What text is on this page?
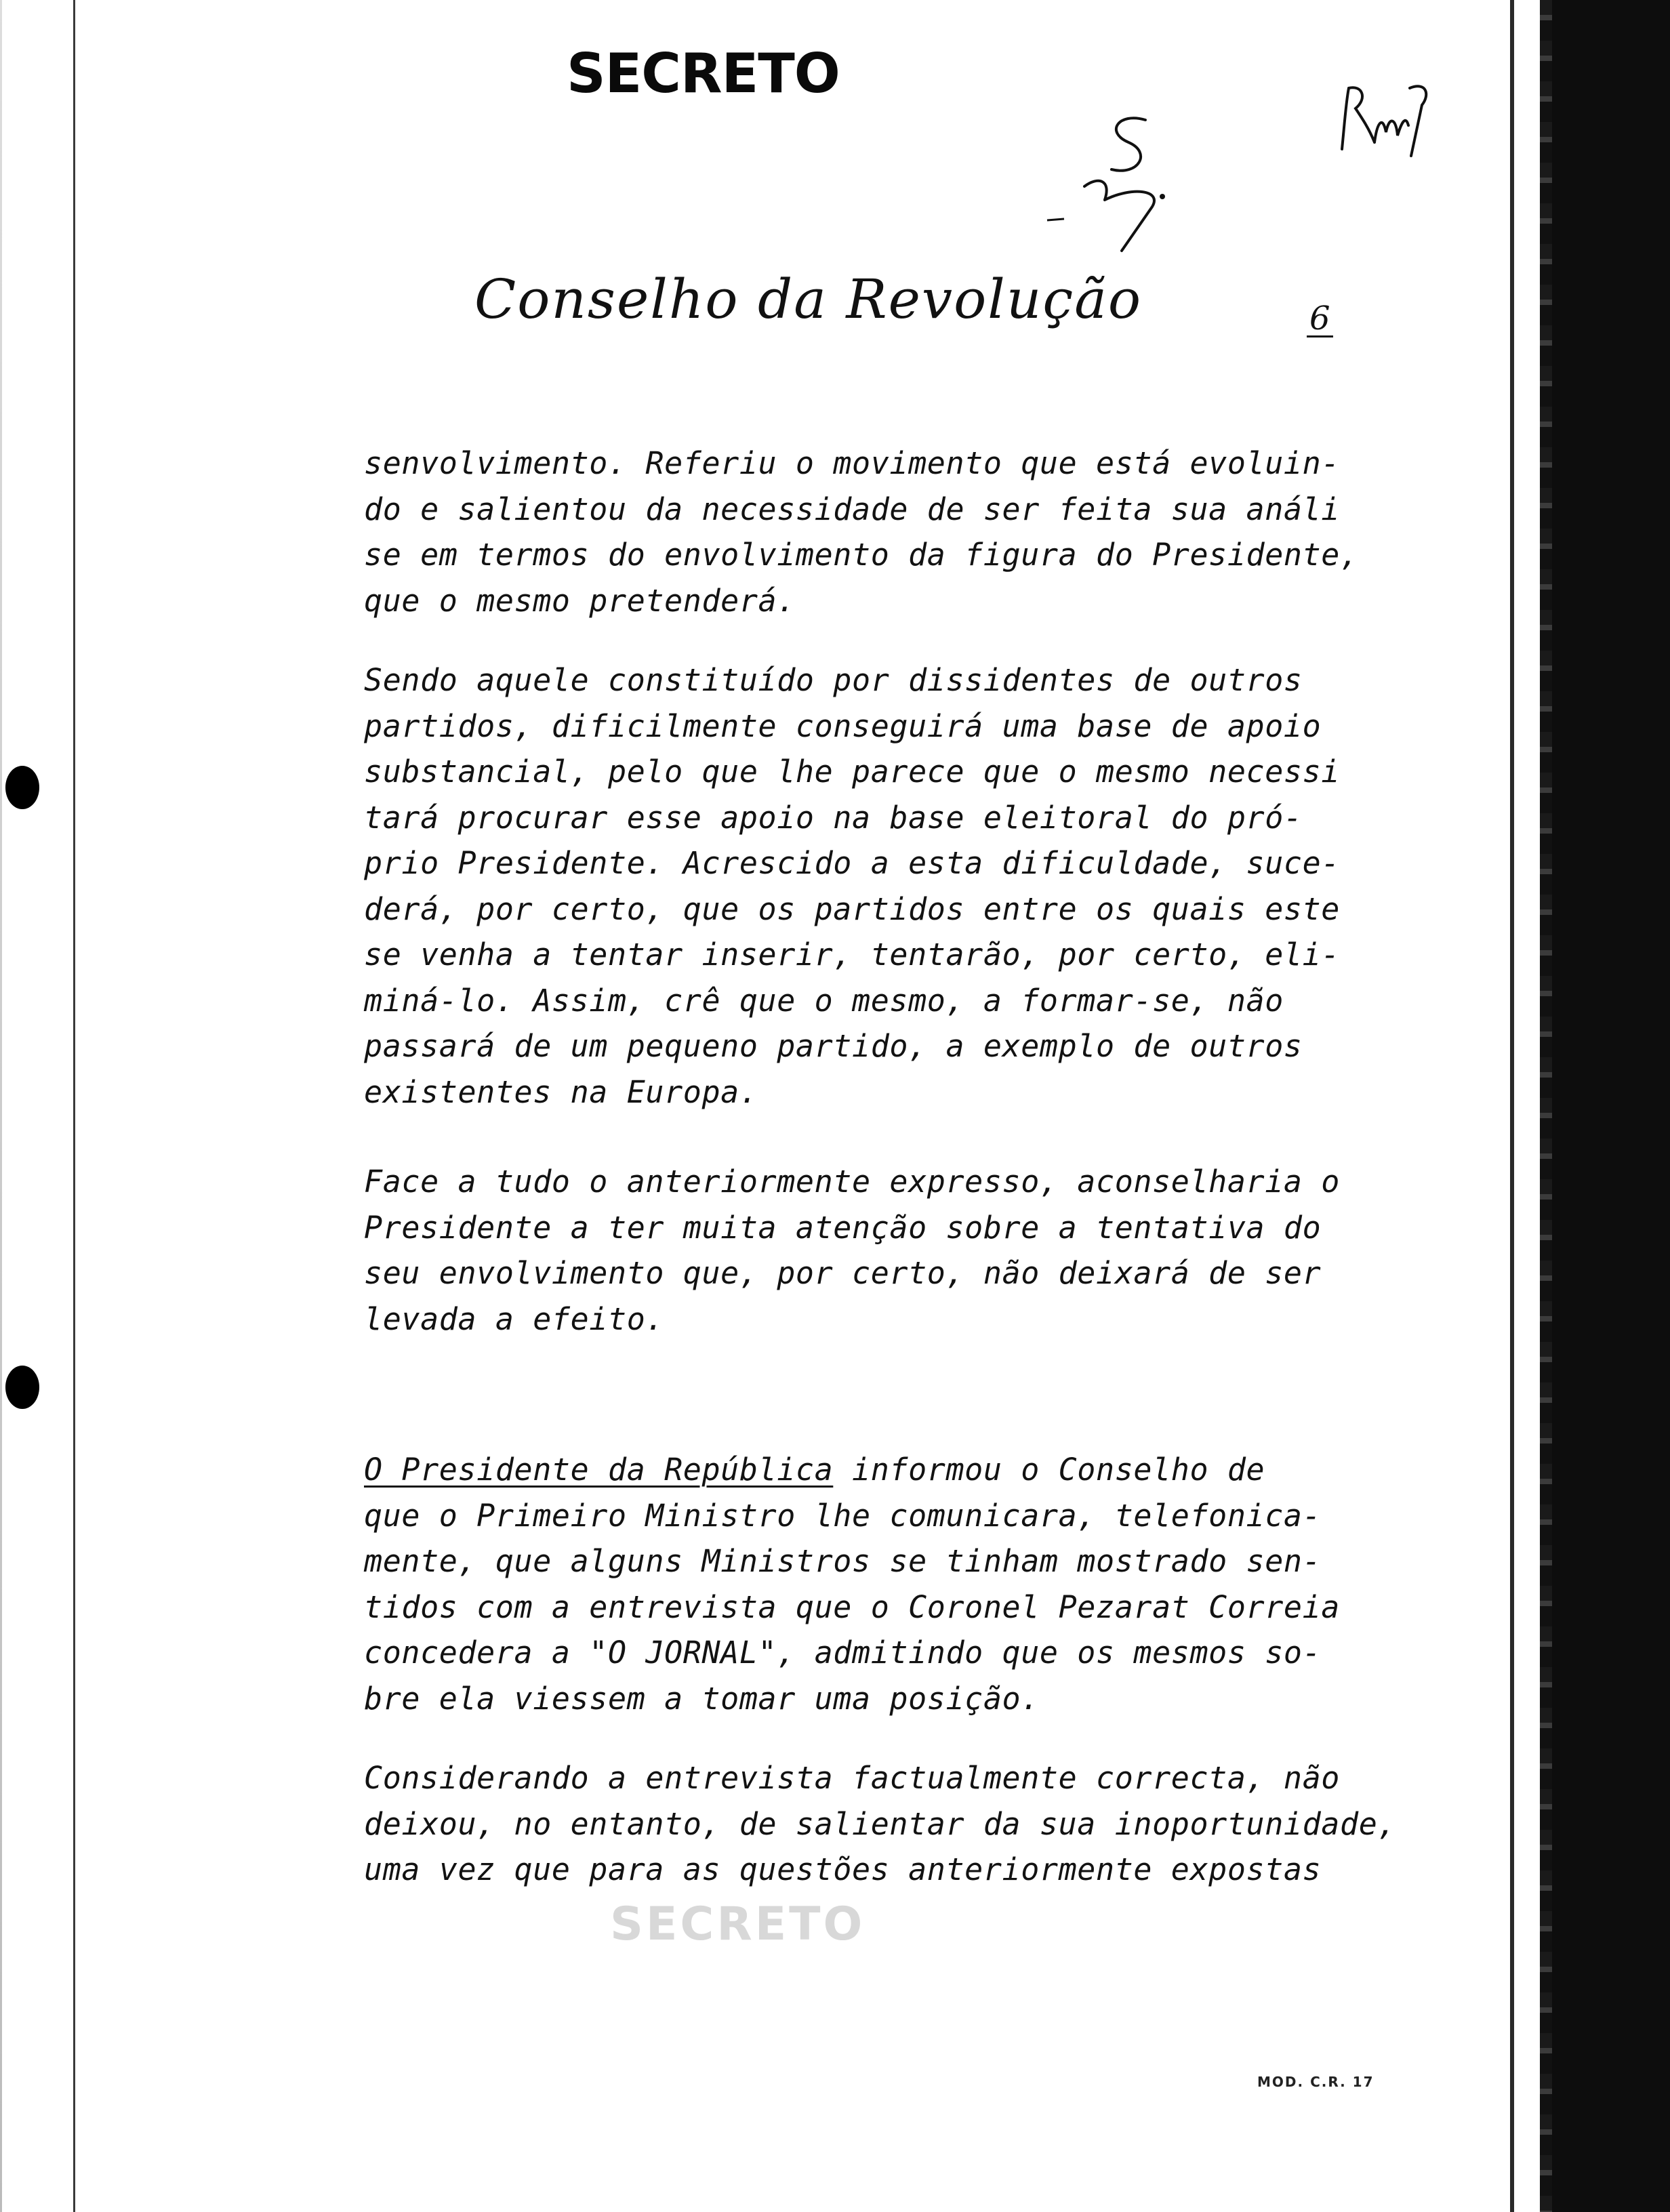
SECRETO
Conselho da Revolução	6
senvolvimento. Referiu o movimento que está evoluin-
do e salientou da necessidade de ser feita sua análi
se em termos do envolvimento da figura do Presidente,
que o mesmo pretenderá.
Sendo aquele constituído por dissidentes de outros
partidos, dificilmente conseguirá uma base de apoio
substancial, pelo que lhe parece que o mesmo necessi
tará procurar esse apoio na base eleitoral do pró-
prio Presidente. Acrescido a esta dificuldade, suce-
derá, por certo, que os partidos entre os quais este
se venha a tentar inserir, tentarão, por certo, eli-
miná-lo. Assim, crê que o mesmo, a formar-se, não
passará de um pequeno partido, a exemplo de outros
existentes na Europa.
Face a tudo o anteriormente expresso, aconselharia o
Presidente a ter muita atenção sobre a tentativa do
seu envolvimento que, por certo, não deixará de ser
levada a efeito.
O Presidente da República informou o Conselho de
que o Primeiro Ministro lhe comunicara, telefonica-
mente, que alguns Ministros se tinham mostrado sen-
tidos com a entrevista que o Coronel Pezarat Correia
concedera a "O JORNAL", admitindo que os mesmos so-
bre ela viessem a tomar uma posição.
Considerando a entrevista factualmente correcta, não
deixou, no entanto, de salientar da sua inoportunidade,
uma vez que para as questões anteriormente expostas
SECRETO
MOD. C.R. 17
